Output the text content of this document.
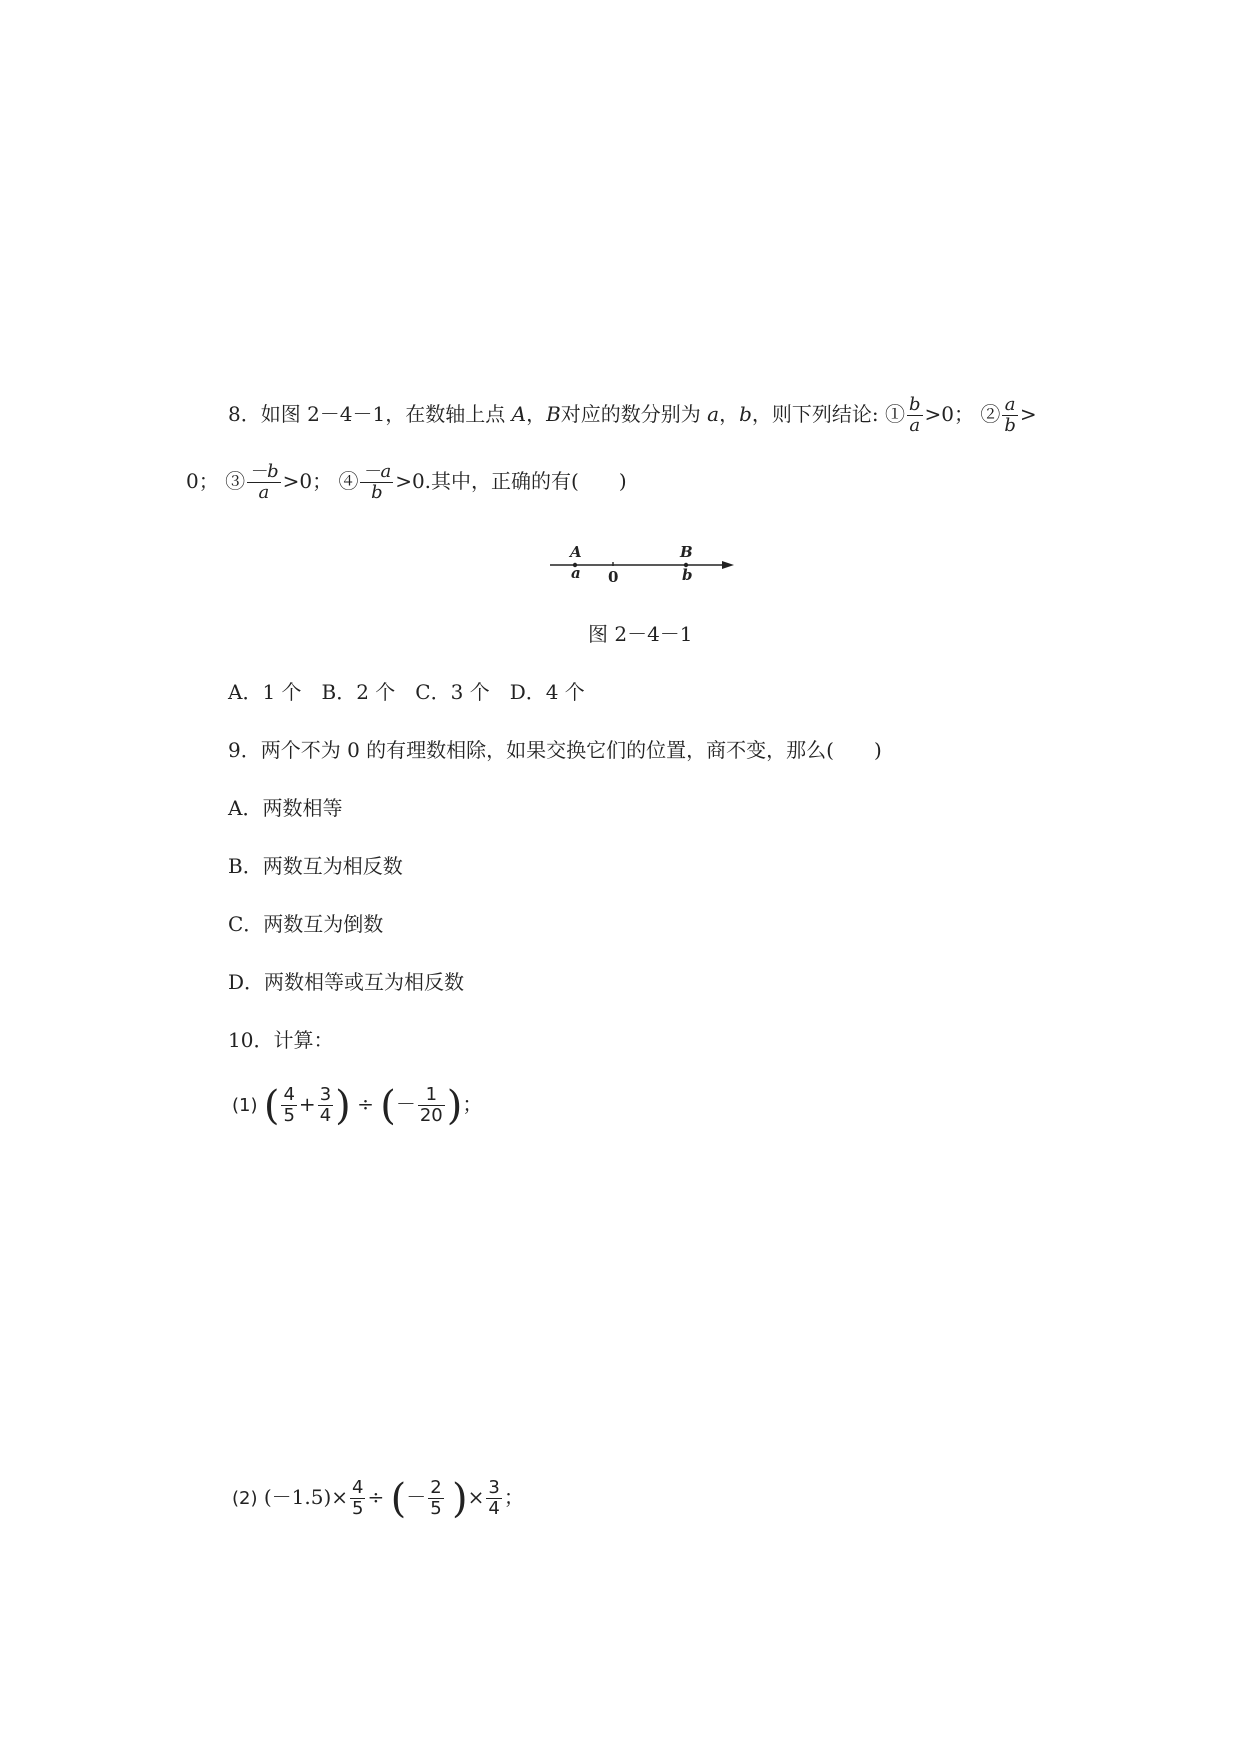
8．如图 2－4－1，在数轴上点 A，B对应的数分别为 a，b，则下列结论: ① $\frac{b}{a} >0$； ② $\frac{a}{b}$ >
0； ③ $\frac{-b}{a} >0$； ④ $\frac{-a}{b} >0$.其中，正确的有(　　)
A
a 0
B
b
图 2－4－1
A．1 个　B．2 个　C．3 个　D．4 个
9．两个不为 0 的有理数相除，如果交换它们的位置，商不变，那么(　　)
A．两数相等
B．两数互为相反数
C．两数互为倒数
D．两数相等或互为相反数
10．计算：
(1) ( $\frac{4}{5} + \frac{3}{4}$ ) ÷ (－ $\frac{1}{20}$ )；
(2) $(-1.5)\times \frac{4}{5}$ ÷ (－ $\frac{2}{5}$ )× $\frac{3}{4}$ ；
